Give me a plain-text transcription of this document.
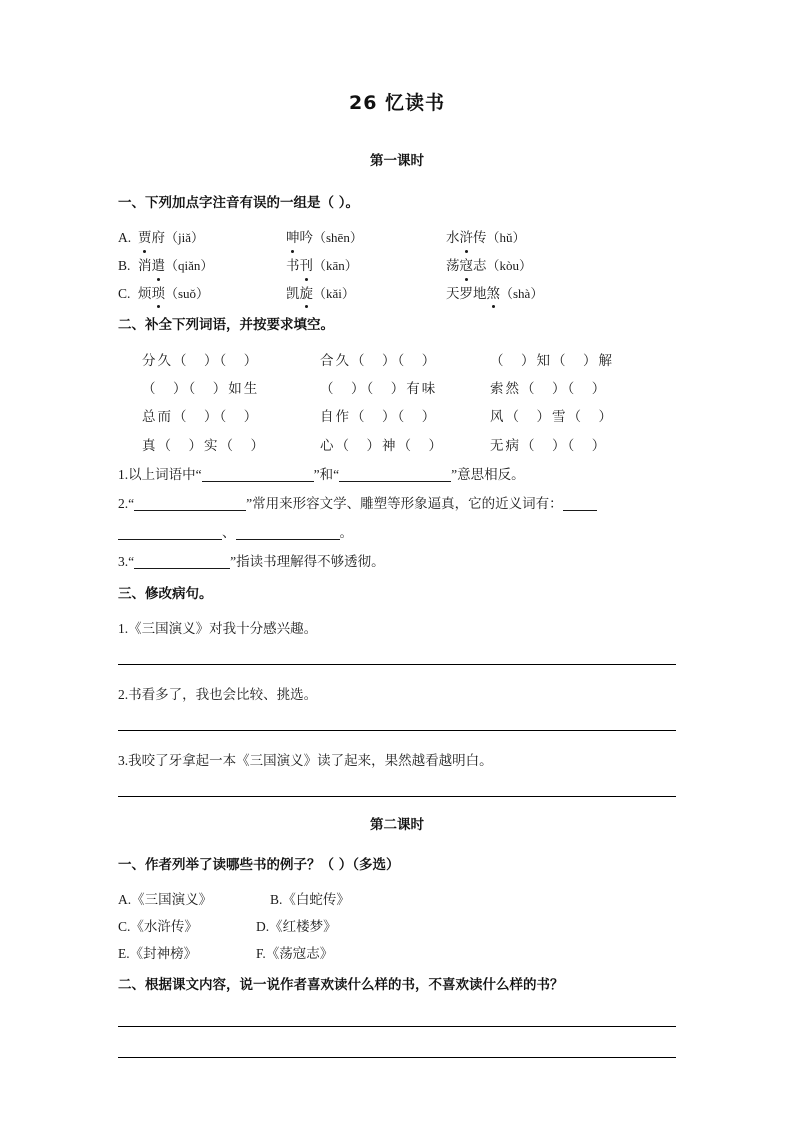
26 忆读书
第一课时
一、下列加点字注音有误的一组是（ ）。
A. 贾府（jiǎ）	呻吟（shēn）	水浒传（hǔ）
B. 消遣（qiǎn）	书刊（kān）	荡寇志（kòu）
C. 烦琐（suǒ）	凯旋（kǎi）	天罗地煞（shà）
二、补全下列词语，并按要求填空。
分久（　）（　）	合久（　）（　）	（　）知（　）解
（　）（　）如生	（　）（　）有味	索然（　）（　）
总而（　）（　）	自作（　）（　）	风（　）雪（　）
真（　）实（　）	心（　）神（　）	无病（　）（　）
1.以上词语中“	”和“	”意思相反。
2.“	”常用来形容文学、雕塑等形象逼真，它的近义词有：
、	。
3.“	”指读书理解得不够透彻。
三、修改病句。
1.《三国演义》对我十分感兴趣。
2.书看多了，我也会比较、挑选。
3.我咬了牙拿起一本《三国演义》读了起来，果然越看越明白。
第二课时
一、作者列举了读哪些书的例子？（ ）（多选）
A.《三国演义》	B.《白蛇传》
C.《水浒传》	D.《红楼梦》
E.《封神榜》	F.《荡寇志》
二、根据课文内容，说一说作者喜欢读什么样的书，不喜欢读什么样的书？
